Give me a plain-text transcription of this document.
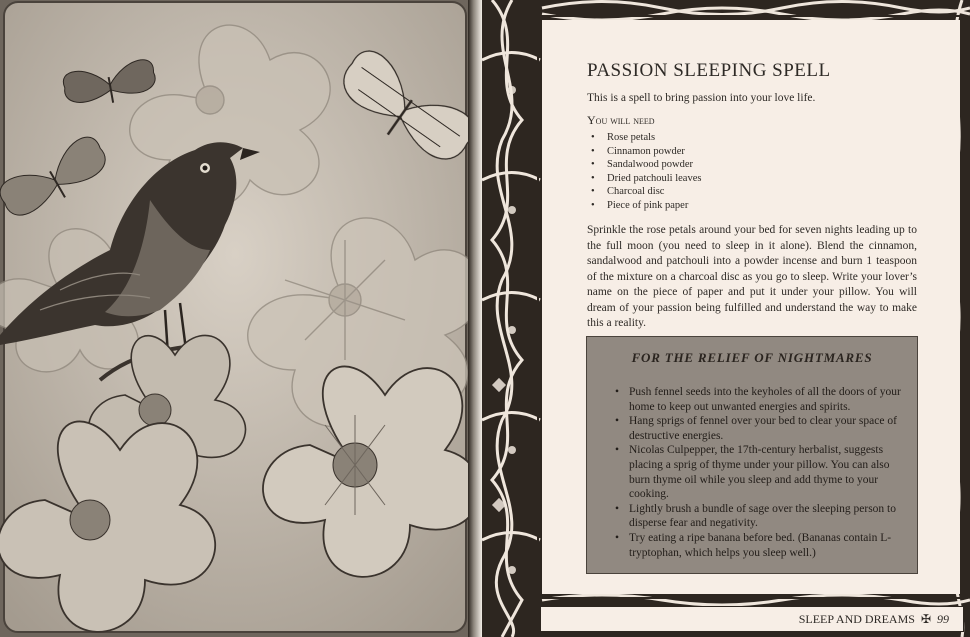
PASSION SLEEPING SPELL

This is a spell to bring passion into your love life.

You will need

• Rose petals
• Cinnamon powder
• Sandalwood powder
• Dried patchouli leaves
• Charcoal disc
• Piece of pink paper

Sprinkle the rose petals around your bed for seven nights leading up to the full moon (you need to sleep in it alone). Blend the cinnamon, sandalwood and patchouli into a powder incense and burn 1 teaspoon of the mixture on a charcoal disc as you go to sleep. Write your lover’s name on the piece of paper and put it under your pillow. You will dream of your passion being fulfilled and understand the way to make this a reality.

FOR THE RELIEF OF NIGHTMARES
• Push fennel seeds into the keyholes of all the doors of your home to keep out unwanted energies and spirits.
• Hang sprigs of fennel over your bed to clear your space of destructive energies.
• Nicolas Culpepper, the 17th-century herbalist, suggests placing a sprig of thyme under your pillow. You can also burn thyme oil while you sleep and add thyme to your cooking.
• Lightly brush a bundle of sage over the sleeping person to disperse fear and negativity.
• Try eating a ripe banana before bed. (Bananas contain L-tryptophan, which helps you sleep well.)
SLEEP AND DREAMS ✠ 99
